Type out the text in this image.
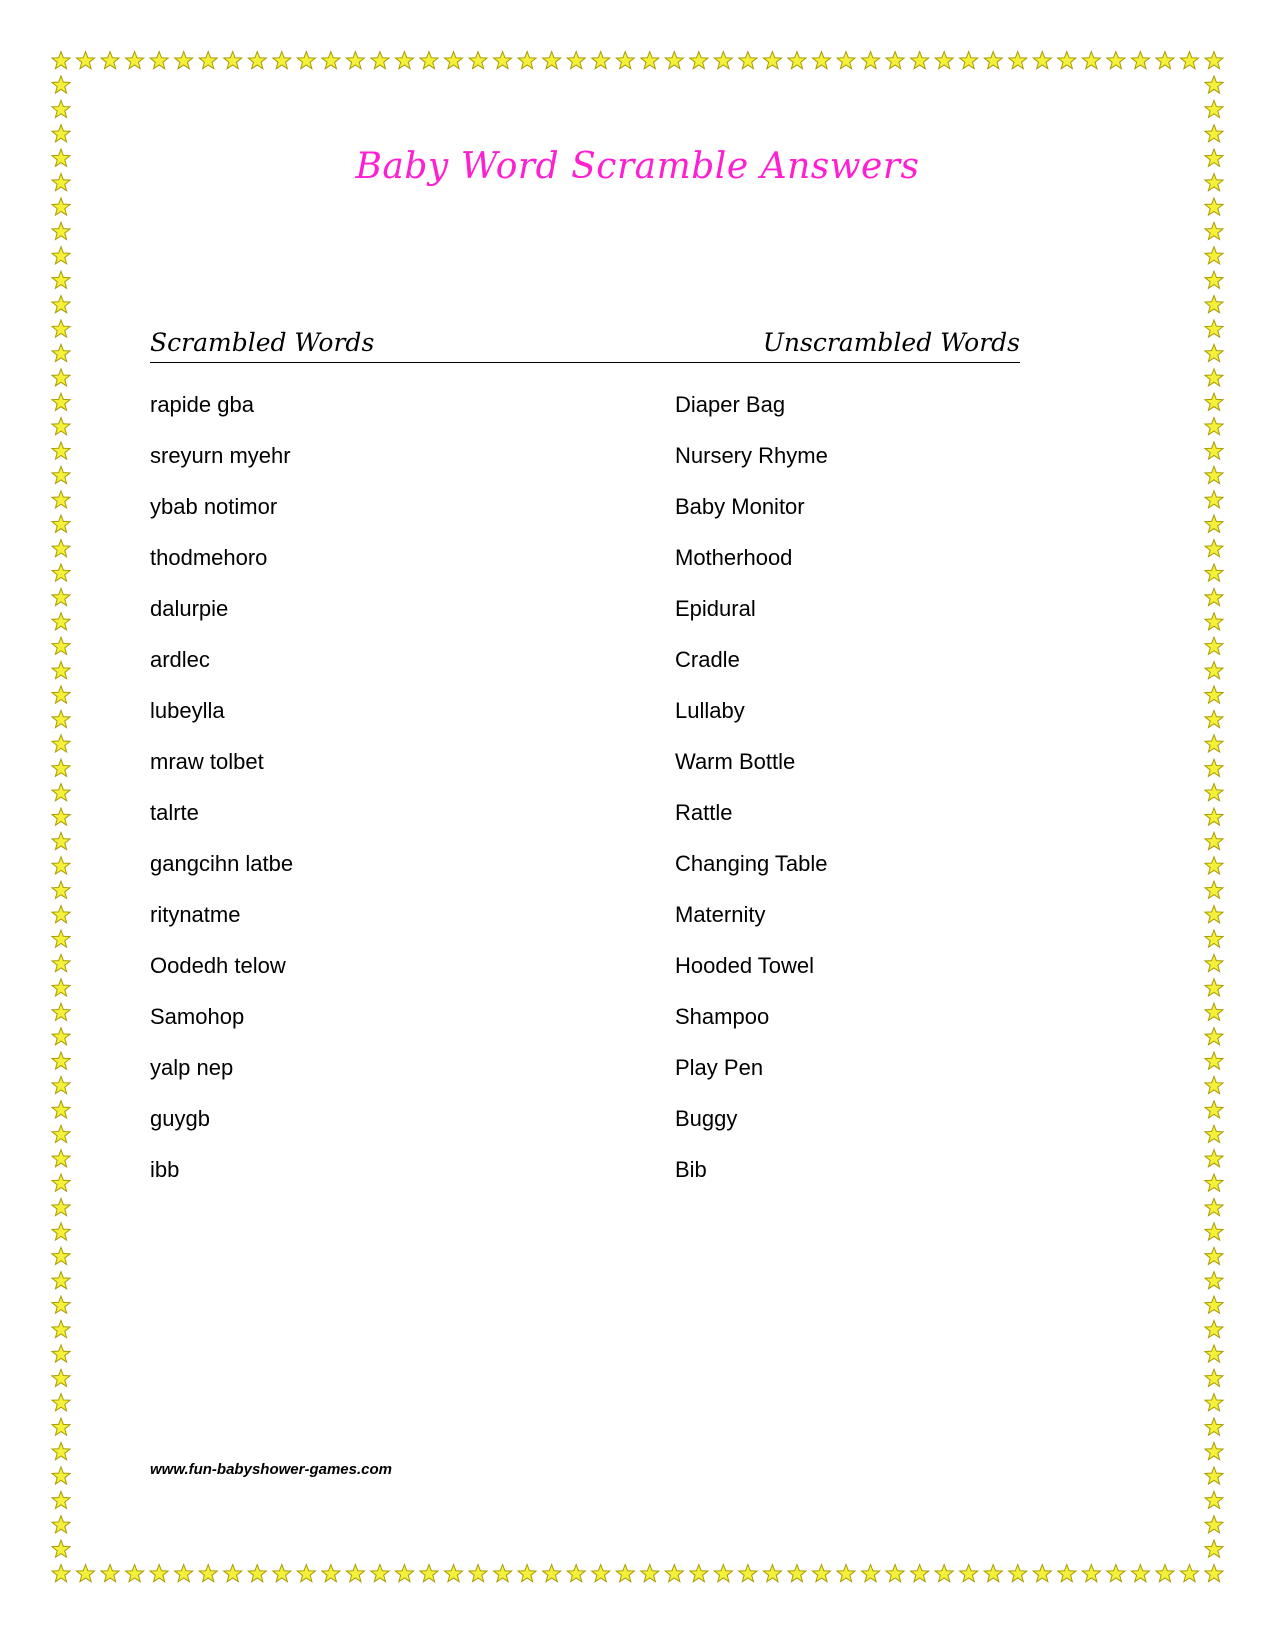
Baby Word Scramble Answers
Scrambled Words	Unscrambled Words
rapide gba
sreyurn myehr
ybab notimor
thodmehoro
dalurpie
ardlec
lubeylla
mraw tolbet
talrte
gangcihn latbe
ritynatme
Oodedh telow
Samohop
yalp nep
guygb
ibb
Diaper Bag
Nursery Rhyme
Baby Monitor
Motherhood
Epidural
Cradle
Lullaby
Warm Bottle
Rattle
Changing Table
Maternity
Hooded Towel
Shampoo
Play Pen
Buggy
Bib
www.fun-babyshower-games.com
